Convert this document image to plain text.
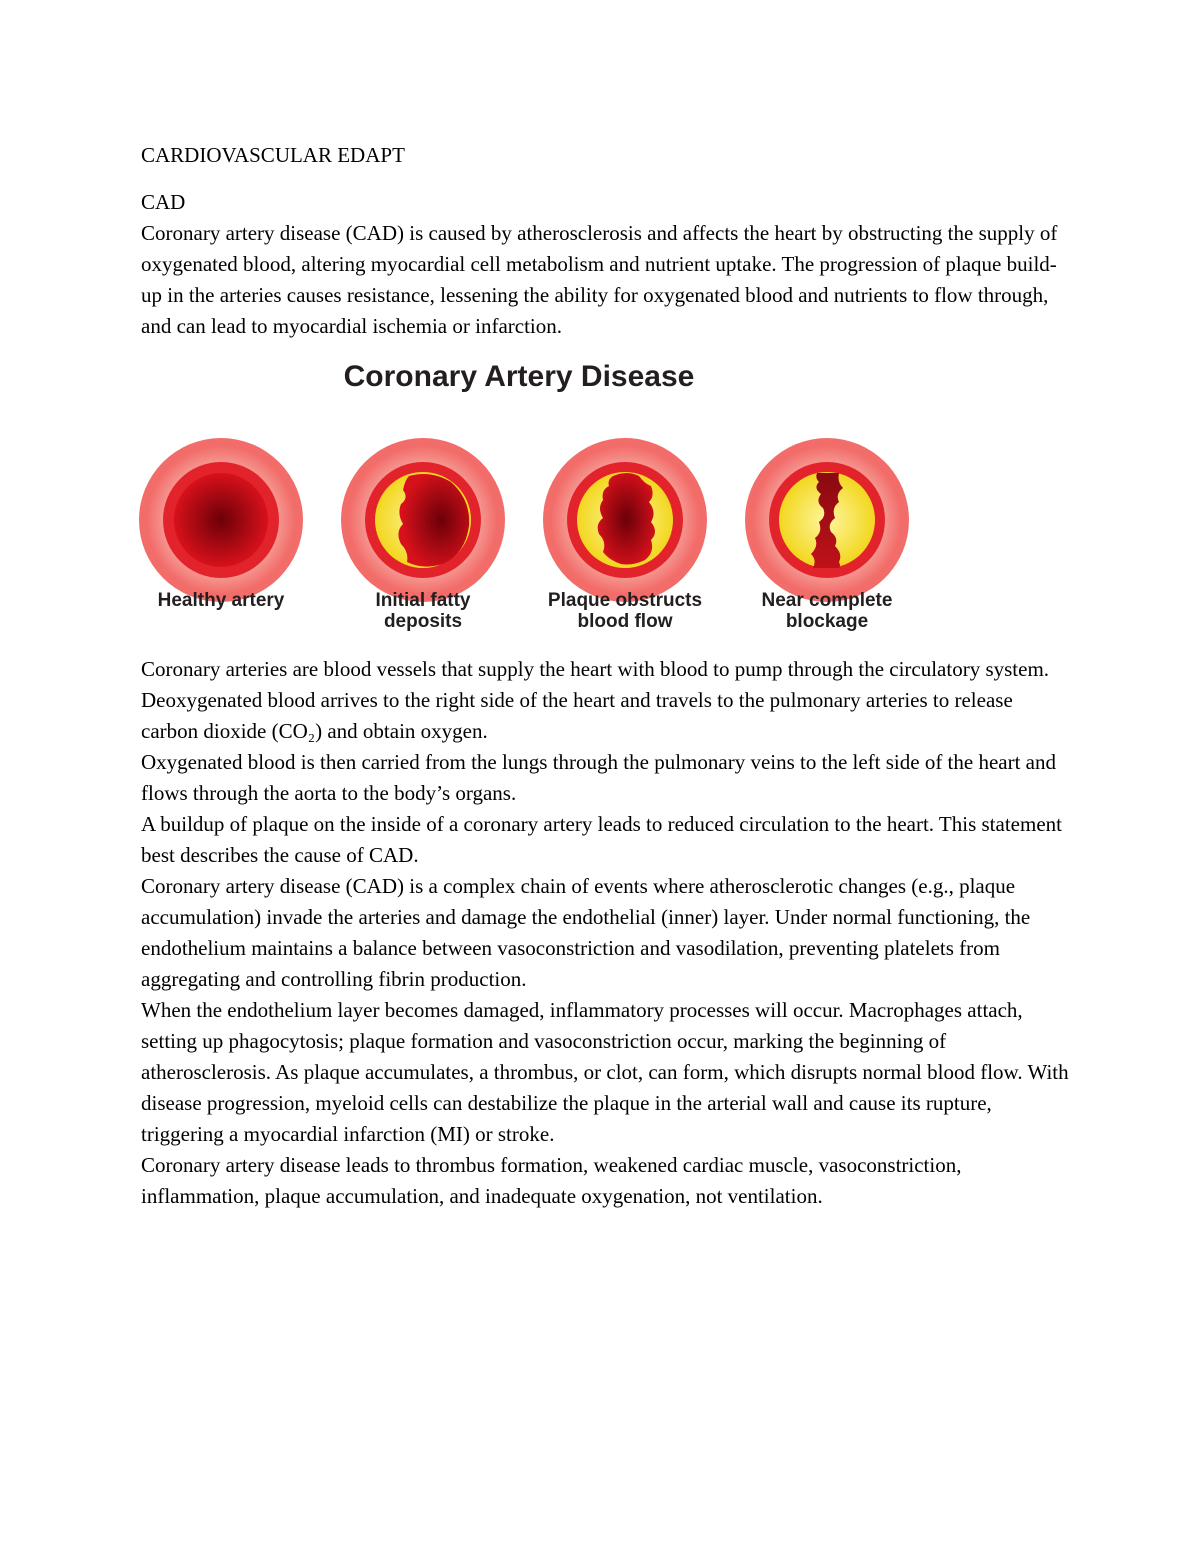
CARDIOVASCULAR EDAPT

CAD

Coronary artery disease (CAD) is caused by atherosclerosis and affects the heart by obstructing the supply of oxygenated blood, altering myocardial cell metabolism and nutrient uptake. The progression of plaque build-up in the arteries causes resistance, lessening the ability for oxygenated blood and nutrients to flow through, and can lead to myocardial ischemia or infarction.

Coronary Artery Disease
Healthy artery	Initial fatty
deposits
Plaque obstructs
blood flow
Near complete
blockage

Coronary arteries are blood vessels that supply the heart with blood to pump through the circulatory system. Deoxygenated blood arrives to the right side of the heart and travels to the pulmonary arteries to release carbon dioxide (CO₂) and obtain oxygen.

Oxygenated blood is then carried from the lungs through the pulmonary veins to the left side of the heart and flows through the aorta to the body’s organs.

A buildup of plaque on the inside of a coronary artery leads to reduced circulation to the heart. This statement best describes the cause of CAD.

Coronary artery disease (CAD) is a complex chain of events where atherosclerotic changes (e.g., plaque accumulation) invade the arteries and damage the endothelial (inner) layer. Under normal functioning, the endothelium maintains a balance between vasoconstriction and vasodilation, preventing platelets from aggregating and controlling fibrin production.

When the endothelium layer becomes damaged, inflammatory processes will occur. Macrophages attach, setting up phagocytosis; plaque formation and vasoconstriction occur, marking the beginning of atherosclerosis. As plaque accumulates, a thrombus, or clot, can form, which disrupts normal blood flow. With disease progression, myeloid cells can destabilize the plaque in the arterial wall and cause its rupture, triggering a myocardial infarction (MI) or stroke.

Coronary artery disease leads to thrombus formation, weakened cardiac muscle, vasoconstriction, inflammation, plaque accumulation, and inadequate oxygenation, not ventilation.
